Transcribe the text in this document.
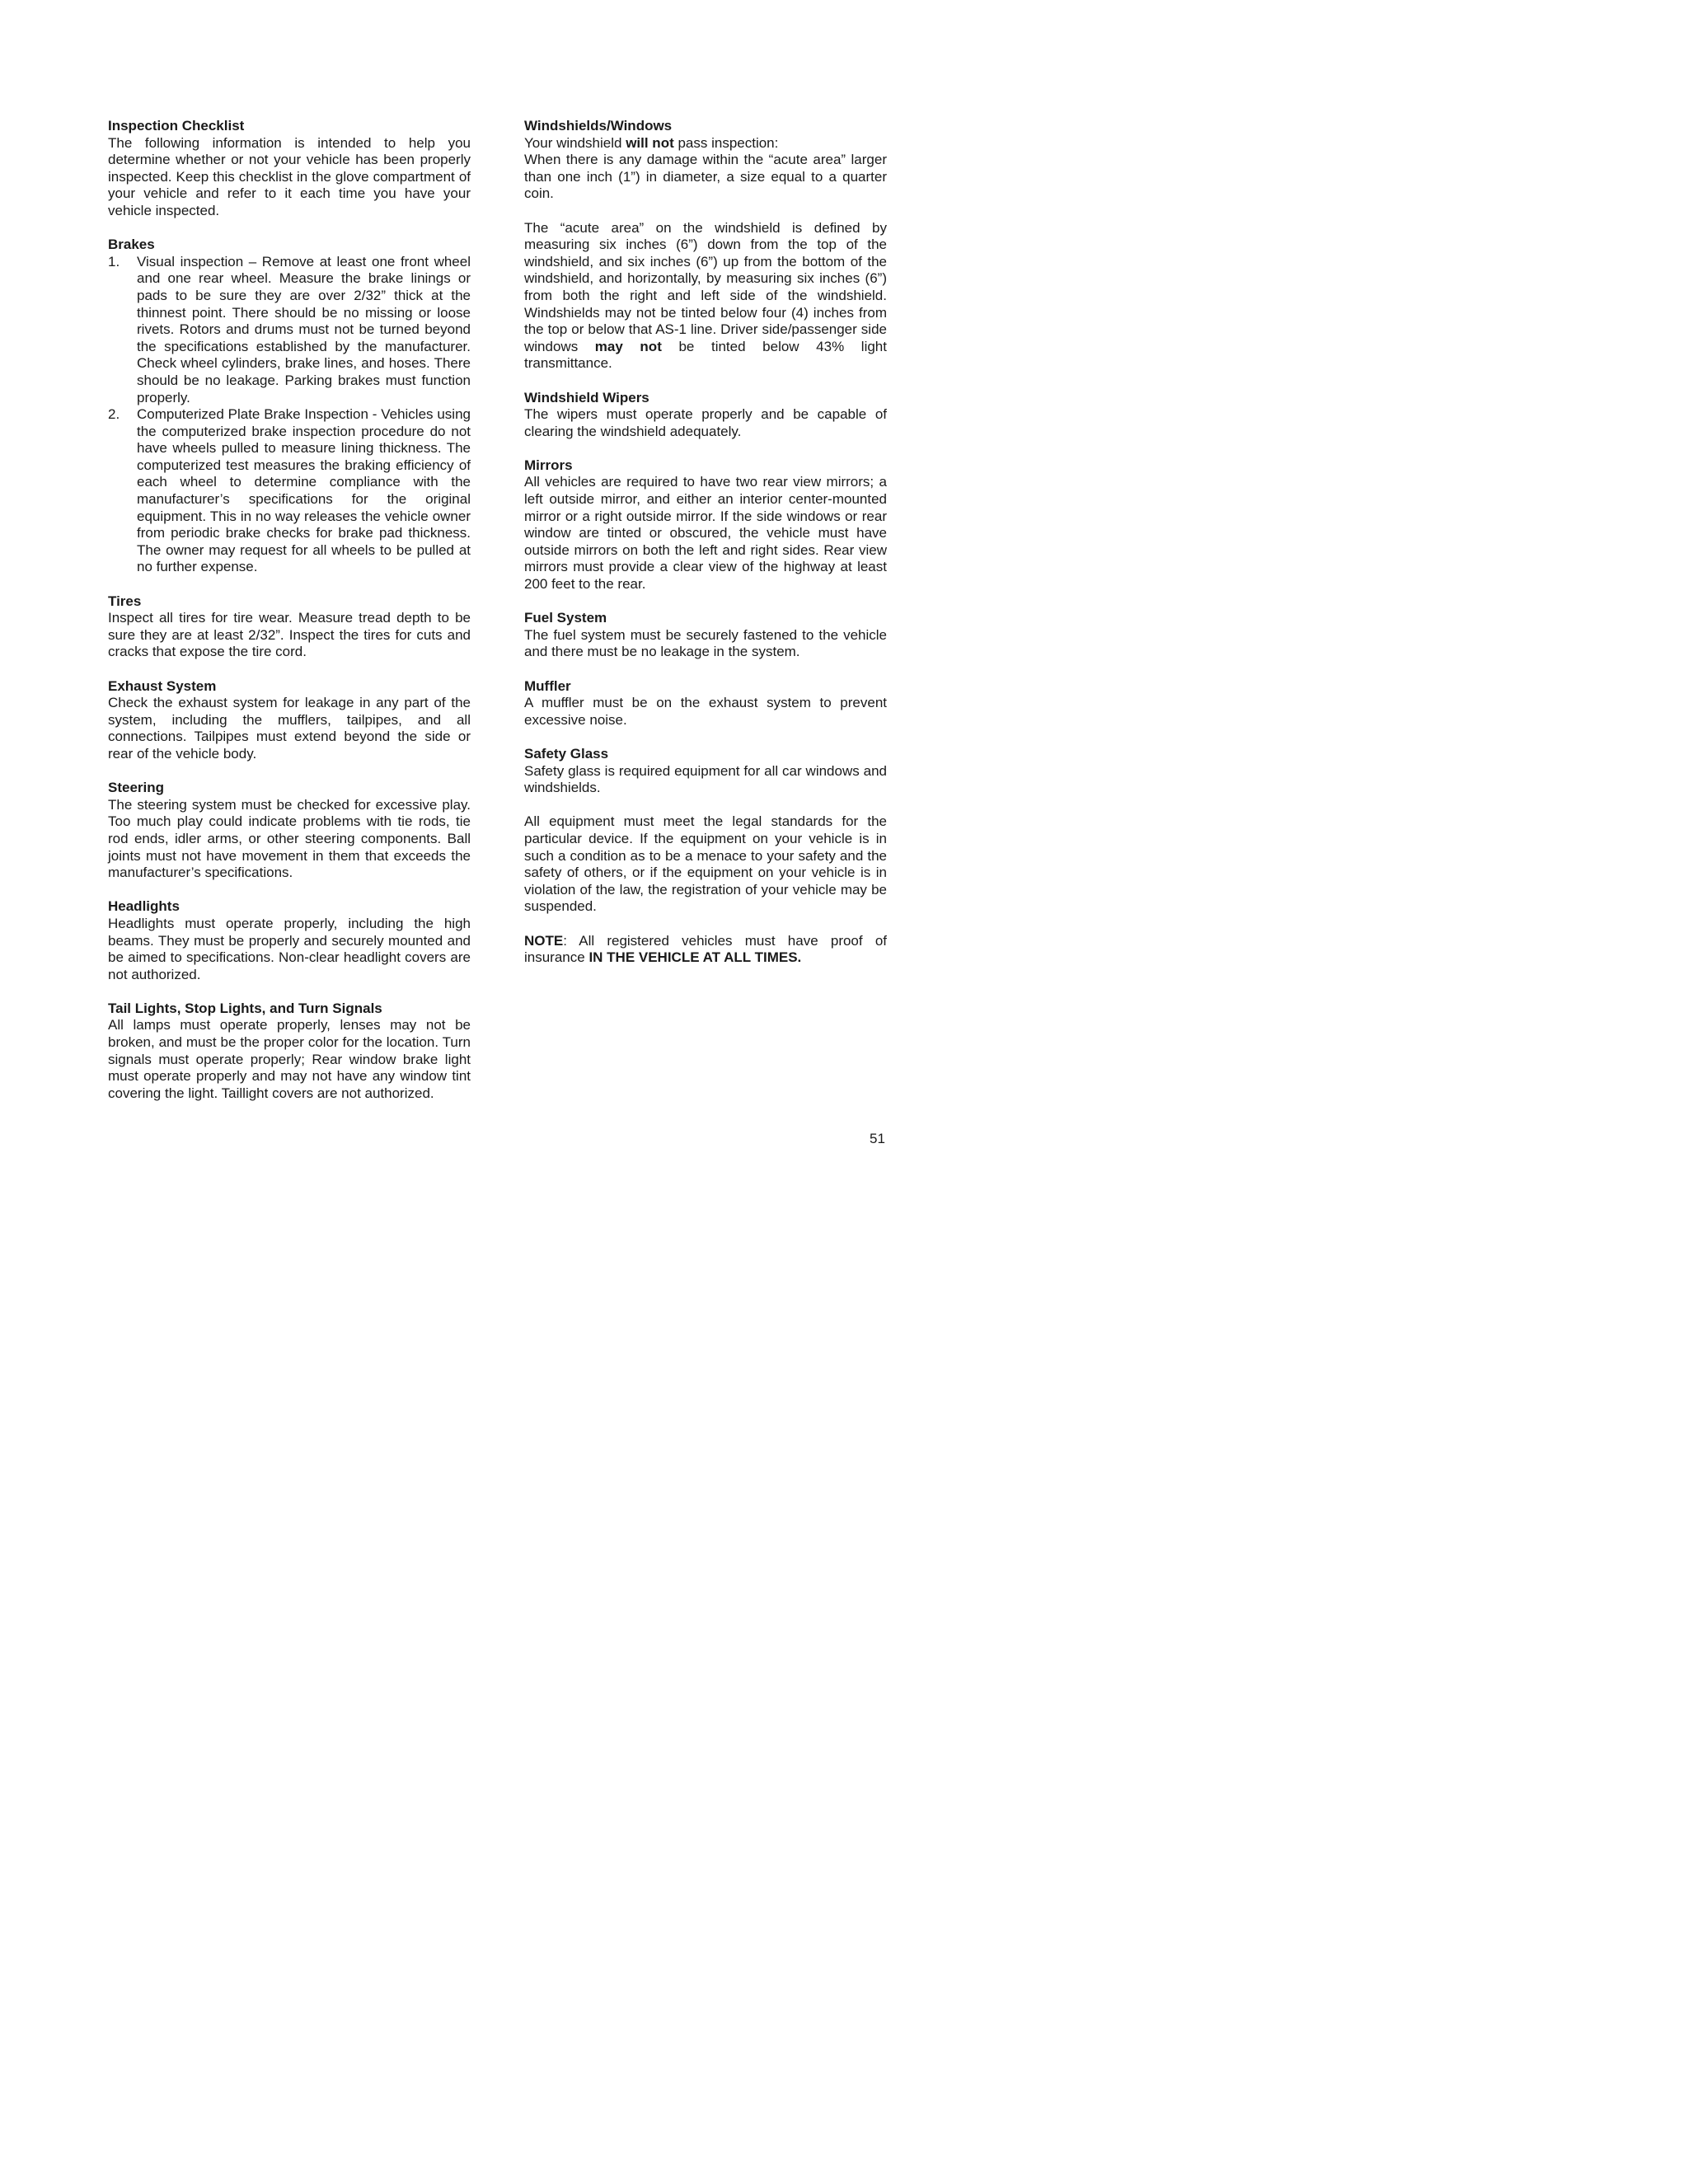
Inspection Checklist

The following information is intended to help you determine whether or not your vehicle has been properly inspected. Keep this checklist in the glove compartment of your vehicle and refer to it each time you have your vehicle inspected.

Brakes
1. Visual inspection – Remove at least one front wheel and one rear wheel. Measure the brake linings or pads to be sure they are over 2/32” thick at the thinnest point. There should be no missing or loose rivets. Rotors and drums must not be turned beyond the specifications established by the manufacturer. Check wheel cylinders, brake lines, and hoses. There should be no leakage. Parking brakes must function properly.
2. Computerized Plate Brake Inspection - Vehicles using the computerized brake inspection procedure do not have wheels pulled to measure lining thickness. The computerized test measures the braking efficiency of each wheel to determine compliance with the manufacturer’s specifications for the original equipment. This in no way releases the vehicle owner from periodic brake checks for brake pad thickness. The owner may request for all wheels to be pulled at no further expense.
Tires

Inspect all tires for tire wear. Measure tread depth to be sure they are at least 2/32”. Inspect the tires for cuts and cracks that expose the tire cord.

Exhaust System

Check the exhaust system for leakage in any part of the system, including the mufflers, tailpipes, and all connections. Tailpipes must extend beyond the side or rear of the vehicle body.

Steering

The steering system must be checked for excessive play. Too much play could indicate problems with tie rods, tie rod ends, idler arms, or other steering components. Ball joints must not have movement in them that exceeds the manufacturer’s specifications.

Headlights

Headlights must operate properly, including the high beams. They must be properly and securely mounted and be aimed to specifications. Non-clear headlight covers are not authorized.

Tail Lights, Stop Lights, and Turn Signals

All lamps must operate properly, lenses may not be broken, and must be the proper color for the location. Turn signals must operate properly; Rear window brake light must operate properly and may not have any window tint covering the light. Taillight covers are not authorized.

Windshields/Windows

Your windshield will not pass inspection:

When there is any damage within the “acute area” larger than one inch (1”) in diameter, a size equal to a quarter coin.

The “acute area” on the windshield is defined by measuring six inches (6”) down from the top of the windshield, and six inches (6”) up from the bottom of the windshield, and horizontally, by measuring six inches (6”) from both the right and left side of the windshield. Windshields may not be tinted below four (4) inches from the top or below that AS-1 line. Driver side/passenger side windows may not be tinted below 43% light transmittance.

Windshield Wipers

The wipers must operate properly and be capable of clearing the windshield adequately.

Mirrors

All vehicles are required to have two rear view mirrors; a left outside mirror, and either an interior center-mounted mirror or a right outside mirror. If the side windows or rear window are tinted or obscured, the vehicle must have outside mirrors on both the left and right sides. Rear view mirrors must provide a clear view of the highway at least 200 feet to the rear.

Fuel System

The fuel system must be securely fastened to the vehicle and there must be no leakage in the system.

Muffler

A muffler must be on the exhaust system to prevent excessive noise.

Safety Glass

Safety glass is required equipment for all car windows and windshields.

All equipment must meet the legal standards for the particular device. If the equipment on your vehicle is in such a condition as to be a menace to your safety and the safety of others, or if the equipment on your vehicle is in violation of the law, the registration of your vehicle may be suspended.

NOTE: All registered vehicles must have proof of insurance IN THE VEHICLE AT ALL TIMES.

51
